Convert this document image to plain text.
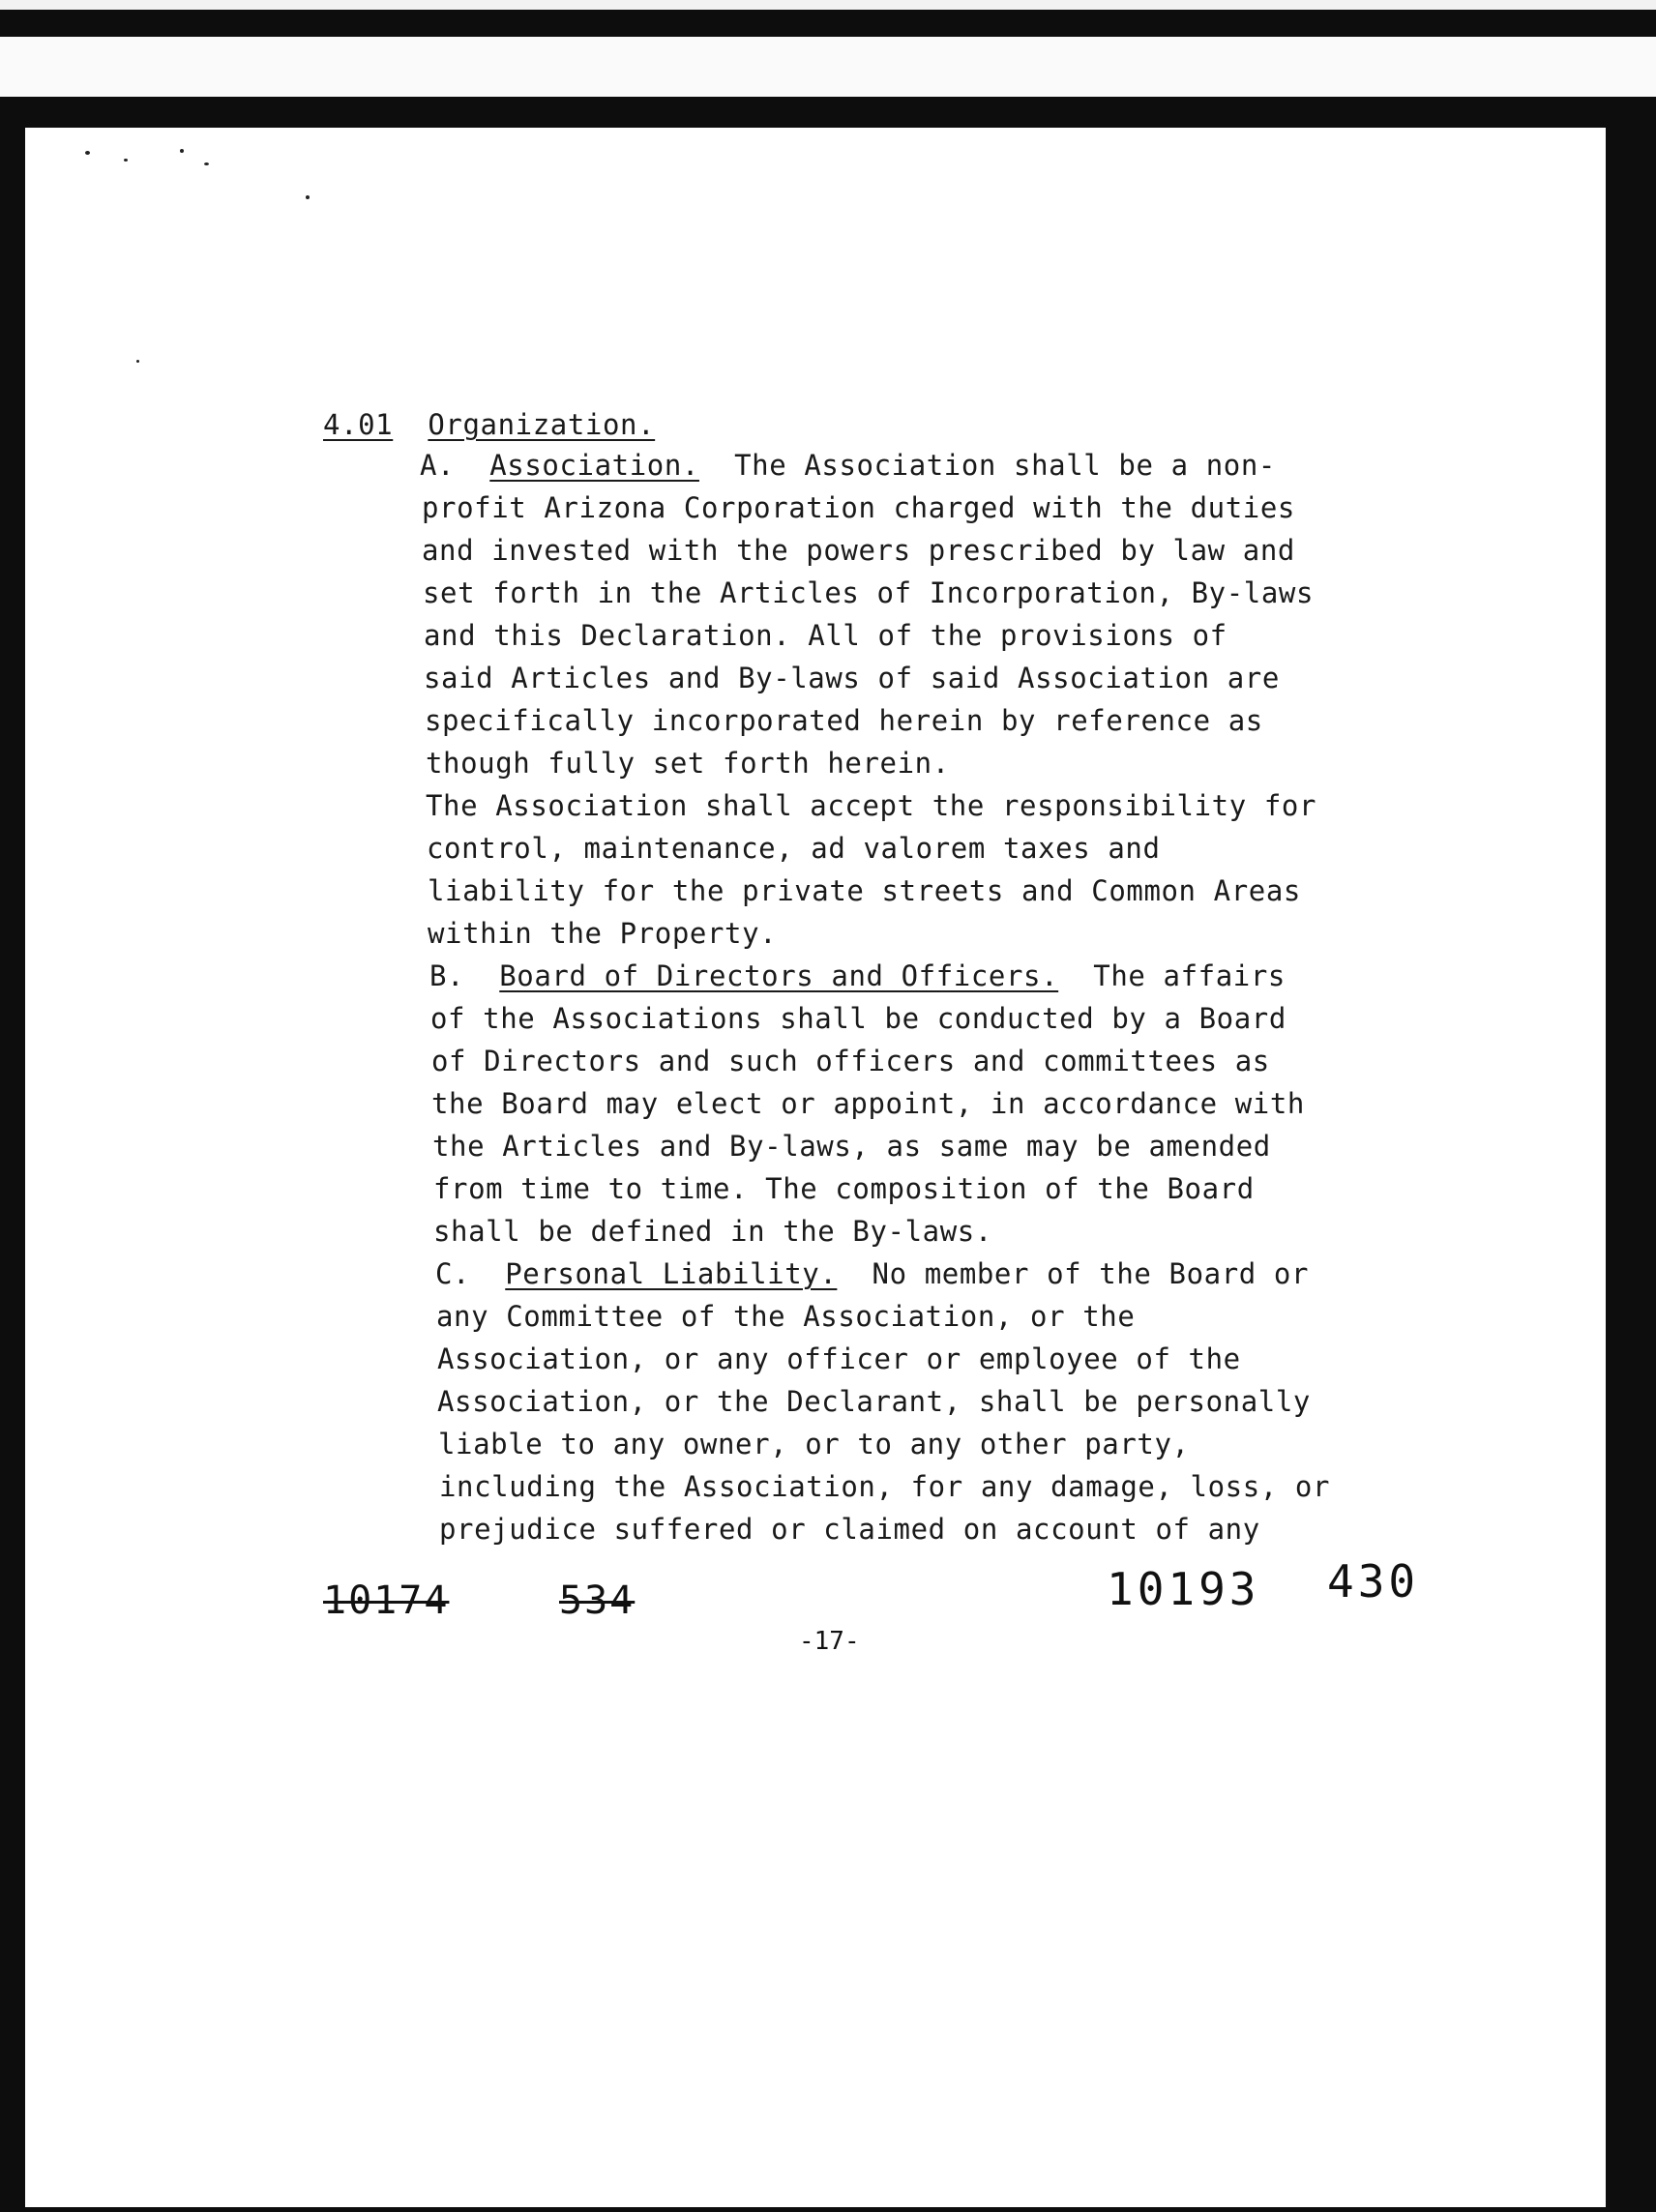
4.01 Organization.
A. Association. The Association shall be a non-
profit Arizona Corporation charged with the duties
and invested with the powers prescribed by law and
set forth in the Articles of Incorporation, By-laws
and this Declaration. All of the provisions of
said Articles and By-laws of said Association are
specifically incorporated herein by reference as
though fully set forth herein.
The Association shall accept the responsibility for
control, maintenance, ad valorem taxes and
liability for the private streets and Common Areas
within the Property.
B. Board of Directors and Officers. The affairs
of the Associations shall be conducted by a Board
of Directors and such officers and committees as
the Board may elect or appoint, in accordance with
the Articles and By-laws, as same may be amended
from time to time. The composition of the Board
shall be defined in the By-laws.
C. Personal Liability. No member of the Board or
any Committee of the Association, or the
Association, or any officer or employee of the
Association, or the Declarant, shall be personally
liable to any owner, or to any other party,
including the Association, for any damage, loss, or
prejudice suffered or claimed on account of any
10174	534	10193 430
-17-
